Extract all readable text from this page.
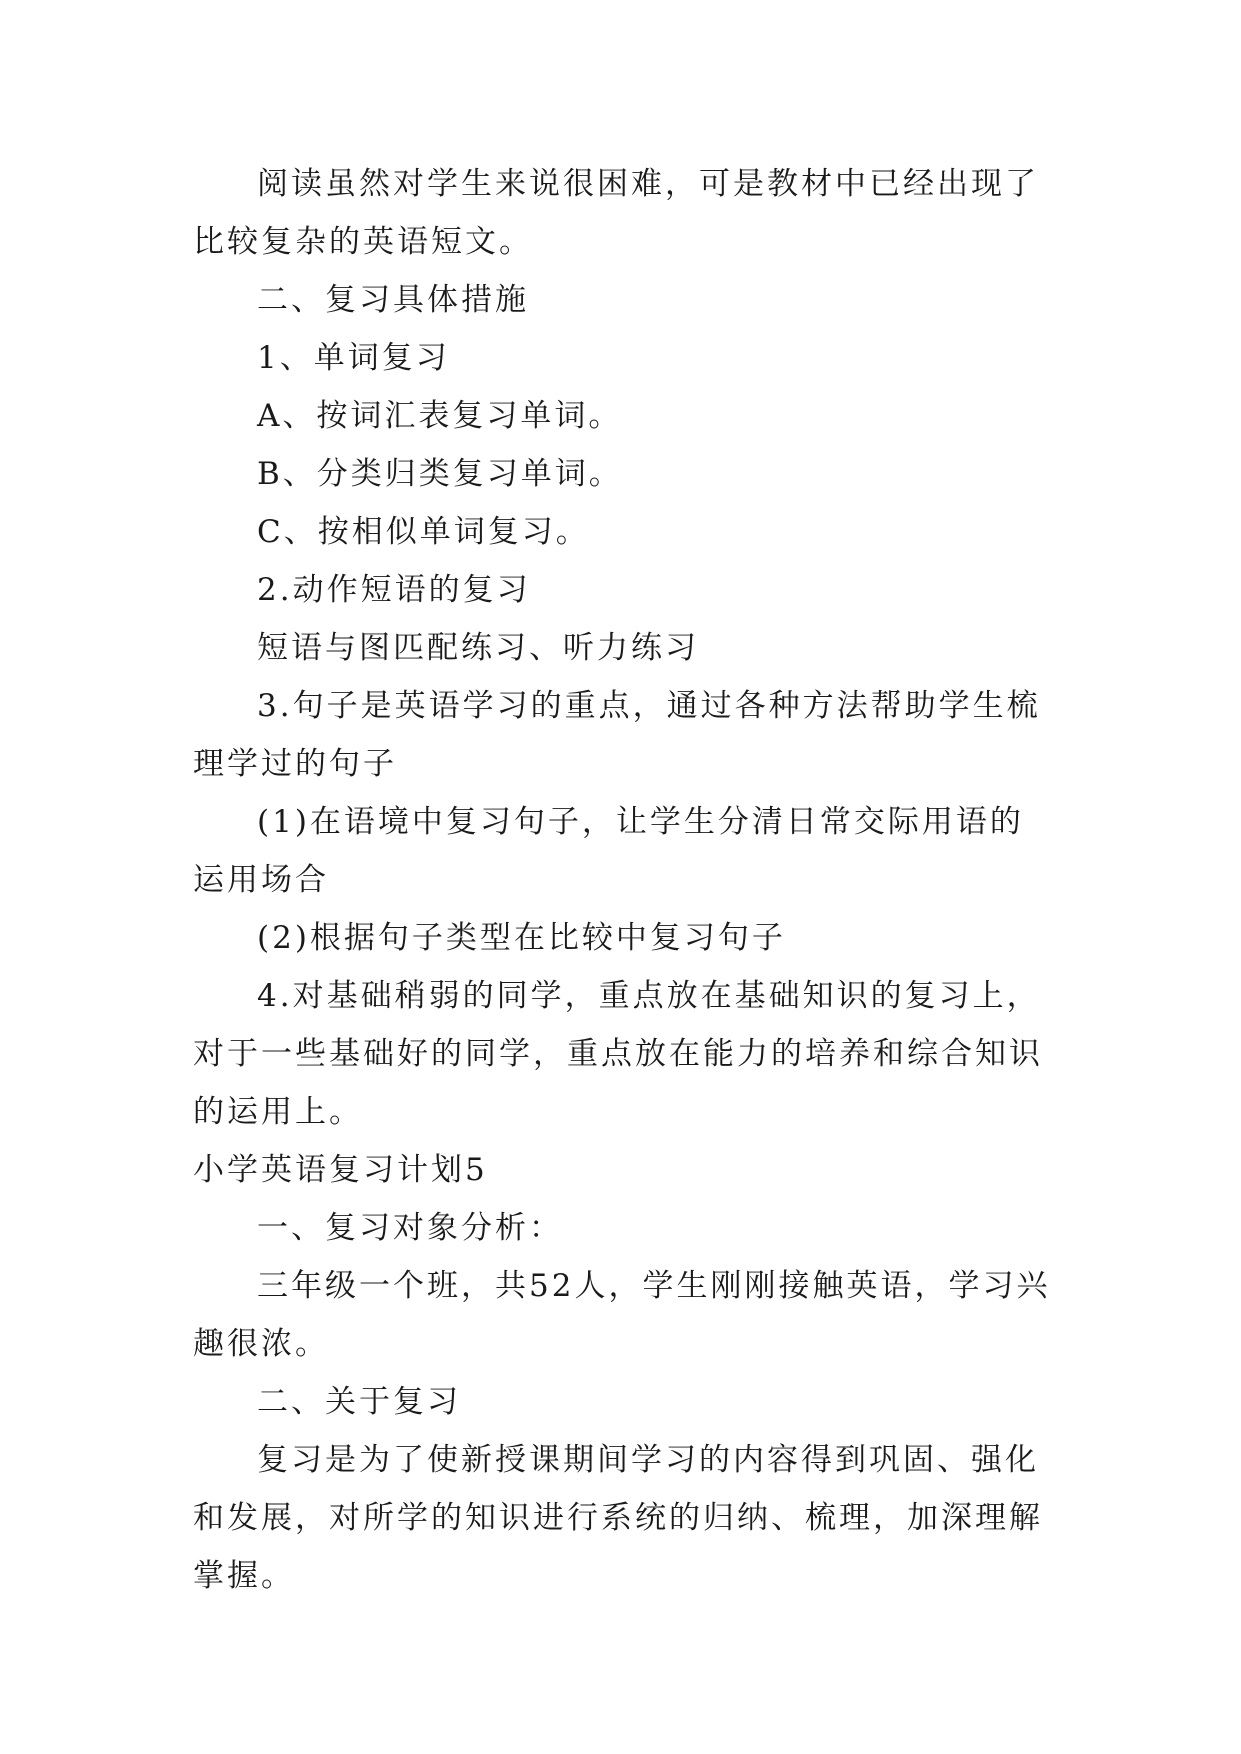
阅读虽然对学生来说很困难，可是教材中已经出现了比较复杂的英语短文。

二、复习具体措施

1、单词复习

A、按词汇表复习单词。

B、分类归类复习单词。

C、按相似单词复习。

2.动作短语的复习

短语与图匹配练习、听力练习

3.句子是英语学习的重点，通过各种方法帮助学生梳理学过的句子

(1)在语境中复习句子，让学生分清日常交际用语的运用场合

(2)根据句子类型在比较中复习句子

4.对基础稍弱的同学，重点放在基础知识的复习上，对于一些基础好的同学，重点放在能力的培养和综合知识的运用上。

小学英语复习计划5

一、复习对象分析：

三年级一个班，共52人，学生刚刚接触英语，学习兴趣很浓。

二、关于复习

复习是为了使新授课期间学习的内容得到巩固、强化和发展，对所学的知识进行系统的归纳、梳理，加深理解掌握。
